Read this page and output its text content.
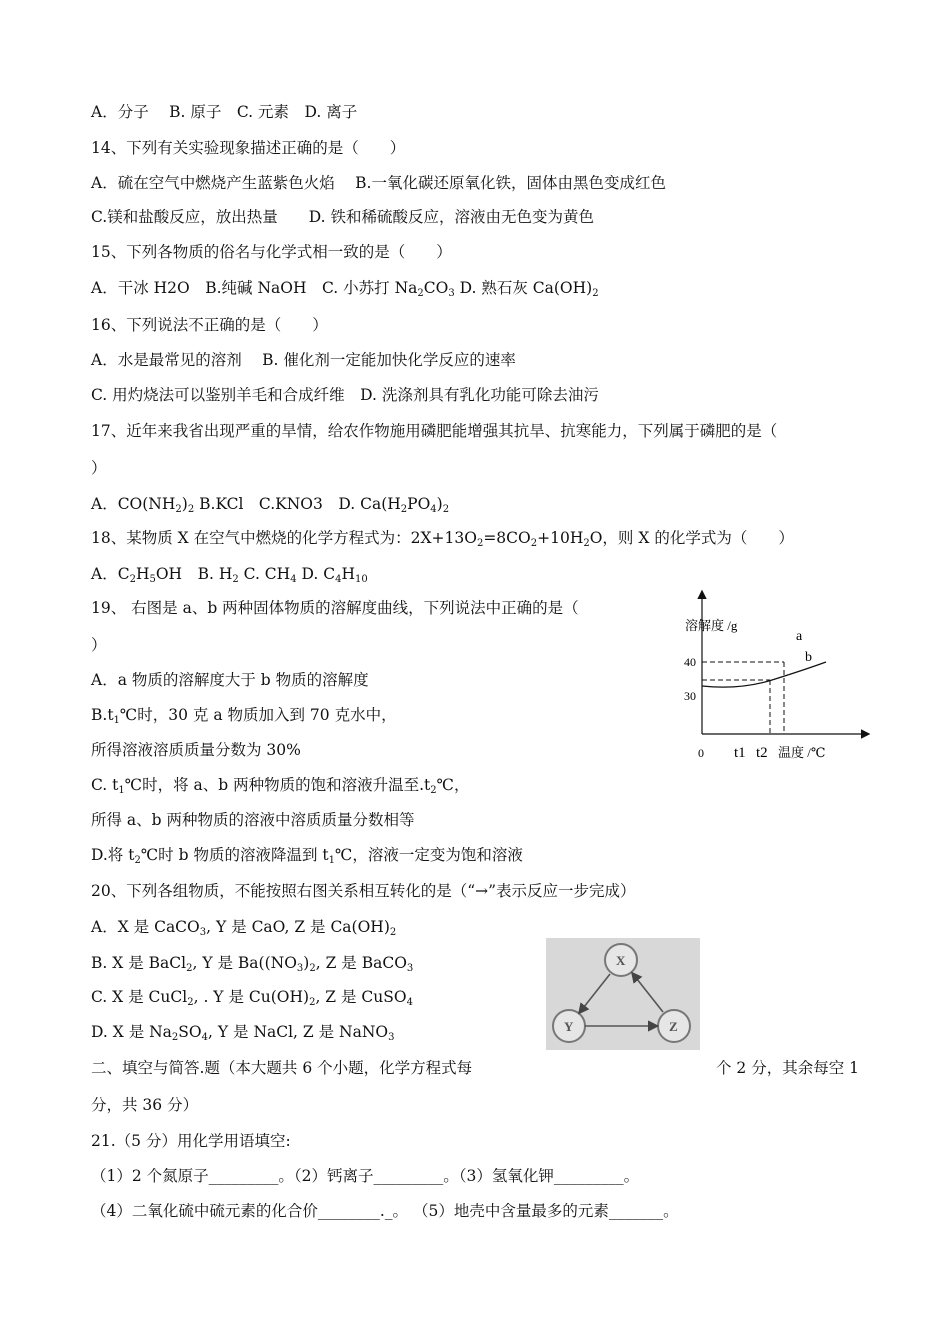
A．分子　 B. 原子　C. 元素　D. 离子
14、下列有关实验现象描述正确的是（　　）
A．硫在空气中燃烧产生蓝紫色火焰　 B.一氧化碳还原氧化铁，固体由黑色变成红色
C.镁和盐酸反应，放出热量　　D. 铁和稀硫酸反应，溶液由无色变为黄色
15、下列各物质的俗名与化学式相一致的是（　　）
A．干冰 H2O　B.纯碱 NaOH　C. 小苏打 $Na_2CO_3$ D. 熟石灰 $Ca(OH)_2$
16、下列说法不正确的是（　　）
A．水是最常见的溶剂　 B. 催化剂一定能加快化学反应的速率
C. 用灼烧法可以鉴别羊毛和合成纤维　D. 洗涤剂具有乳化功能可除去油污
17、近年来我省出现严重的旱情，给农作物施用磷肥能增强其抗旱、抗寒能力，下列属于磷肥的是（
）
A．$CO(NH_2)_2$ B.KCl　C.KNO3　D. $Ca(H_2PO_4)_2$
18、某物质 X 在空气中燃烧的化学方程式为：$2X+13O_2=8CO_2+10H_2O$，则 X 的化学式为（　　）
A．$C_2H_5OH$　B. $H_2$ C. $CH_4$ D. $C_4H_{10}$
19、 右图是 a、b 两种固体物质的溶解度曲线，下列说法中正确的是（
）
A．a 物质的溶解度大于 b 物质的溶解度
$B.t_1℃$时，30 克 a 物质加入到 70 克水中，
所得溶液溶质质量分数为 30%
C. $t_1℃$时，将 a、b 两种物质的饱和溶液升温至$.t_2℃$，
所得 a、b 两种物质的溶液中溶质质量分数相等
D.将 $t_2℃$时 b 物质的溶液降温到 $t_1℃$，溶液一定变为饱和溶液
20、下列各组物质，不能按照右图关系相互转化的是（“→”表示反应一步完成）
A．X 是 CaCO$_3$, Y 是 CaO, Z 是 $Ca(OH)_2$
B. X 是 BaCl$_2$, Y 是 $Ba((NO_3)_2$, Z 是 BaCO$_3$
C. X 是 CuCl$_2$, . Y 是 $Cu(OH)_2$, Z 是 CuSO$_4$
D. X 是 $Na_2SO_4$, Y 是 NaCl, Z 是 NaNO$_3$
二、填空与简答.题（本大题共 6 个小题，化学方程式每	个 2 分，其余每空 1
分，共 36 分）
21.（5 分）用化学用语填空:
（1）2 个氮原子_________。（2）钙离子_________。（3）氢氧化钾_________。
（4）二氧化硫中硫元素的化合价________._。 （5）地壳中含量最多的元素_______。
溶解度 /g
40
30
0 t1 t2 温度 /℃
a
b
X
Y	Z
